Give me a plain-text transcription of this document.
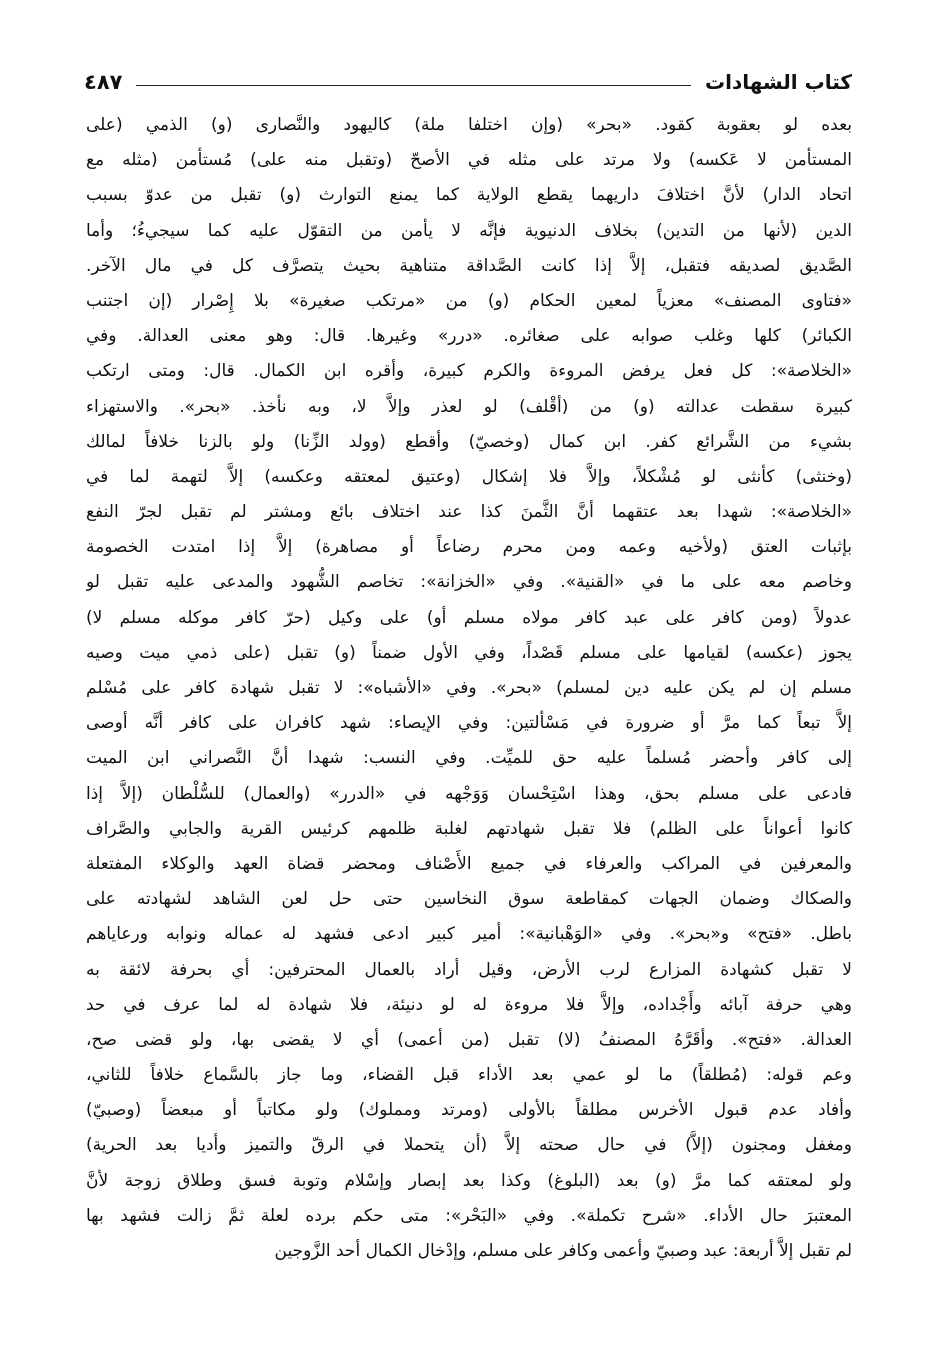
كتاب الشهادات
٤٨٧
بعده لو بعقوبة كقود. «بحر» (وإن اختلفا ملة) كاليهود والنَّصارى (و) الذمي (على
المستأمن لا عَكسه) ولا مرتد على مثله في الأصحّ (وتقبل منه على) مُستأمن (مثله مع
اتحاد الدار) لأنَّ اختلافَ داريهما يقطع الولاية كما يمنع التوارث (و) تقبل من عدوّ بسبب
الدين (لأنها من التدين) بخلاف الدنيوية فإنَّه لا يأمن من التقوّل عليه كما سيجيءُ؛ وأما
الصَّديق لصديقه فتقبل، إلاَّ إذا كانت الصَّداقة متناهية بحيث يتصرَّف كل في مال الآخر.
«فتاوى المصنف» معزياً لمعين الحكام (و) من «مرتكب صغيرة» بلا إِصْرار (إن اجتنب
الكبائر) كلها وغلب صوابه على صغائره. «درر» وغيرها. قال: وهو معنى العدالة. وفي
«الخلاصة»: كل فعل يرفض المروءة والكرم كبيرة، وأقره ابن الكمال. قال: ومتى ارتكب
كبيرة سقطت عدالته (و) من (أقْلف) لو لعذر وإلاَّ لا، وبه نأخذ. «بحر». والاستهزاء
بشيء من الشَّرائع كفر. ابن كمال (وخصيّ) وأقطع (وولد الزِّنا) ولو بالزنا خلافاً لمالك
(وخنثى) كأنثى لو مُشْكلاً، وإلاَّ فلا إشكال (وعتيق لمعتقه وعكسه) إلاَّ لتهمة لما في
«الخلاصة»: شهدا بعد عتقهما أنَّ الثَّمنَ كذا عند اختلاف بائع ومشتر لم تقبل لجرّ النفع
بإثبات العتق (ولأخيه وعمه ومن محرم رضاعاً أو مصاهرة) إلاَّ إذا امتدت الخصومة
وخاصم معه على ما في «القنية». وفي «الخزانة»: تخاصم الشُّهود والمدعى عليه تقبل لو
عدولاً (ومن كافر على عبد كافر مولاه مسلم أو) على وكيل (حرّ كافر موكله مسلم لا)
يجوز (عكسه) لقيامها على مسلم قَصْداً، وفي الأول ضمناً (و) تقبل (على ذمي ميت وصيه
مسلم إن لم يكن عليه دين لمسلم) «بحر». وفي «الأشباه»: لا تقبل شهادة كافر على مُسْلم
إلاَّ تبعاً كما مرَّ أو ضرورة في مَسْألتين: وفي الإيصاء: شهد كافران على كافر أنَّه أوصى
إلى كافر وأحضر مُسلماً عليه حق للميِّت. وفي النسب: شهدا أنَّ النَّصراني ابن الميت
فادعى على مسلم بحق، وهذا اسْتِحْسان وَوَجْهه في «الدرر» (والعمال) للسُّلْطان (إلاَّ إذا
كانوا أعواناً على الظلم) فلا تقبل شهادتهم لغلبة ظلمهم كرئيس القرية والجابي والصَّراف
والمعرفين في المراكب والعرفاء في جميع الأَصْناف ومحضر قضاة العهد والوكلاء المفتعلة
والصكاك وضمان الجهات كمقاطعة سوق النخاسين حتى حل لعن الشاهد لشهادته على
باطل. «فتح» و«بحر». وفي «الوَهْبانية»: أمير كبير ادعى فشهد له عماله ونوابه ورعاياهم
لا تقبل كشهادة المزارع لرب الأرض، وقيل أراد بالعمال المحترفين: أي بحرفة لائقة به
وهي حرفة آبائه وأَجْداده، وإلاَّ فلا مروءة له لو دنيئة، فلا شهادة له لما عرف في حد
العدالة. «فتح». وأقَرَّهُ المصنفُ (لا) تقبل (من أعمى) أي لا يقضى بها، ولو قضى صح،
وعم قوله: (مُطلقاً) ما لو عمي بعد الأداء قبل القضاء، وما جاز بالسَّماع خلافاً للثاني،
وأفاد عدم قبول الأخرس مطلقاً بالأولى (ومرتد ومملوك) ولو مكاتباً أو مبعضاً (وصبيّ)
ومغفل ومجنون (إلاَّ) في حال صحته إلاَّ (أن يتحملا في الرقّ والتميز وأديا بعد الحرية)
ولو لمعتقه كما مرَّ (و) بعد (البلوغ) وكذا بعد إبصار وإسْلام وتوبة فسق وطلاق زوجة لأنَّ
المعتبرَ حال الأداء. «شرح تكملة». وفي «البَحْر»: متى حكم برده لعلة ثمَّ زالت فشهد بها
لم تقبل إلاَّ أربعة: عبد وصبيّ وأعمى وكافر على مسلم، وإدْخال الكمال أحد الزَّوجين
